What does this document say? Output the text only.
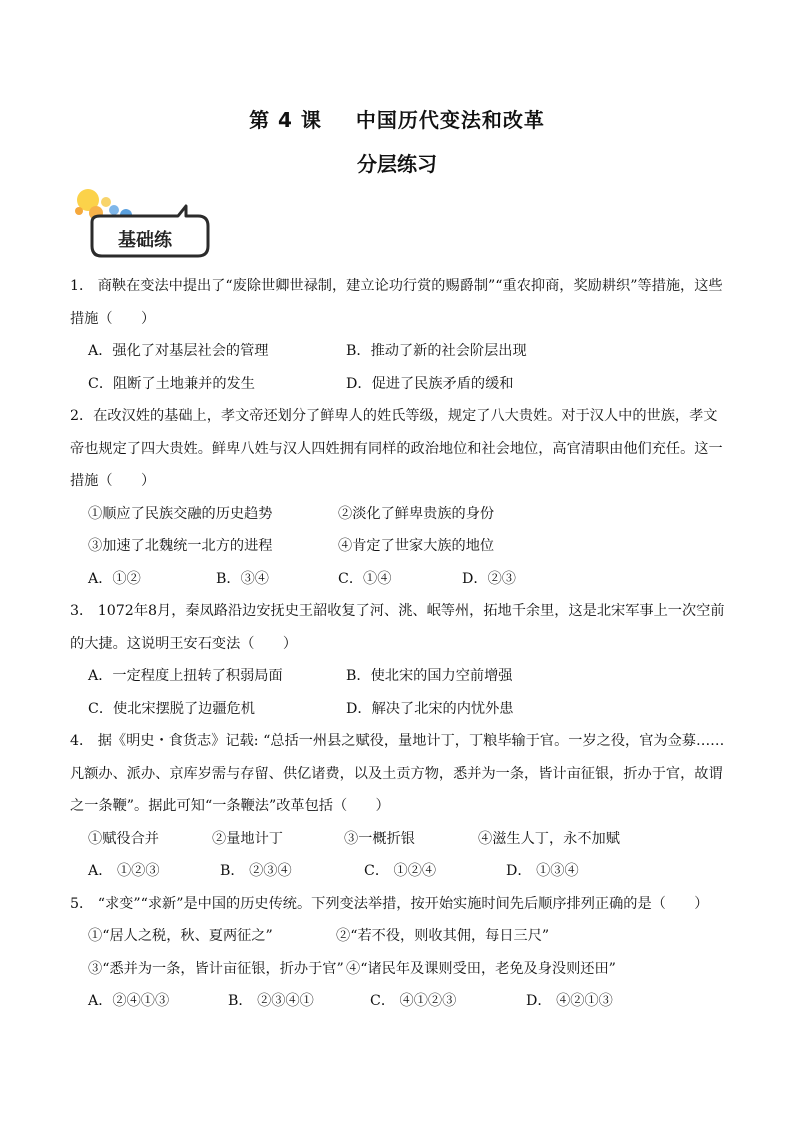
第 4 课 中国历代变法和改革
分层练习
基础练
1． 商鞅在变法中提出了“废除世卿世禄制，建立论功行赏的赐爵制”“重农抑商，奖励耕织”等措施，这些措施（　　）
A．强化了对基层社会的管理	B．推动了新的社会阶层出现
C．阻断了土地兼并的发生	D．促进了民族矛盾的缓和
2．在改汉姓的基础上，孝文帝还划分了鲜卑人的姓氏等级，规定了八大贵姓。对于汉人中的世族，孝文帝也规定了四大贵姓。鲜卑八姓与汉人四姓拥有同样的政治地位和社会地位，高官清职由他们充任。这一措施（　　）
①顺应了民族交融的历史趋势	②淡化了鲜卑贵族的身份
③加速了北魏统一北方的进程	④肯定了世家大族的地位
A．①②	B．③④	C．①④	D．②③
3． 1072年8月，秦凤路沿边安抚史王韶收复了河、洮、岷等州，拓地千余里，这是北宋军事上一次空前的大捷。这说明王安石变法（　　）
A．一定程度上扭转了积弱局面	B．使北宋的国力空前增强
C．使北宋摆脱了边疆危机	D．解决了北宋的内忧外患
4． 据《明史・食货志》记载: “总括一州县之赋役，量地计丁，丁粮毕输于官。一岁之役，官为佥募……凡额办、派办、京库岁需与存留、供亿诸费，以及土贡方物，悉并为一条，皆计亩征银，折办于官，故谓之一条鞭”。据此可知“一条鞭法”改革包括（　　）
①赋役合并	②量地计丁	③一概折银	④滋生人丁，永不加赋
A． ①②③	B． ②③④	C． ①②④	D． ①③④
5． “求变”“求新”是中国的历史传统。下列变法举措，按开始实施时间先后顺序排列正确的是（　　）
①“居人之税，秋、夏两征之”	②“若不役，则收其佣，每日三尺”
③“悉并为一条，皆计亩征银，折办于官” ④“诸民年及课则受田，老免及身没则还田”
A．②④①③	B． ②③④①	C． ④①②③	D． ④②①③
